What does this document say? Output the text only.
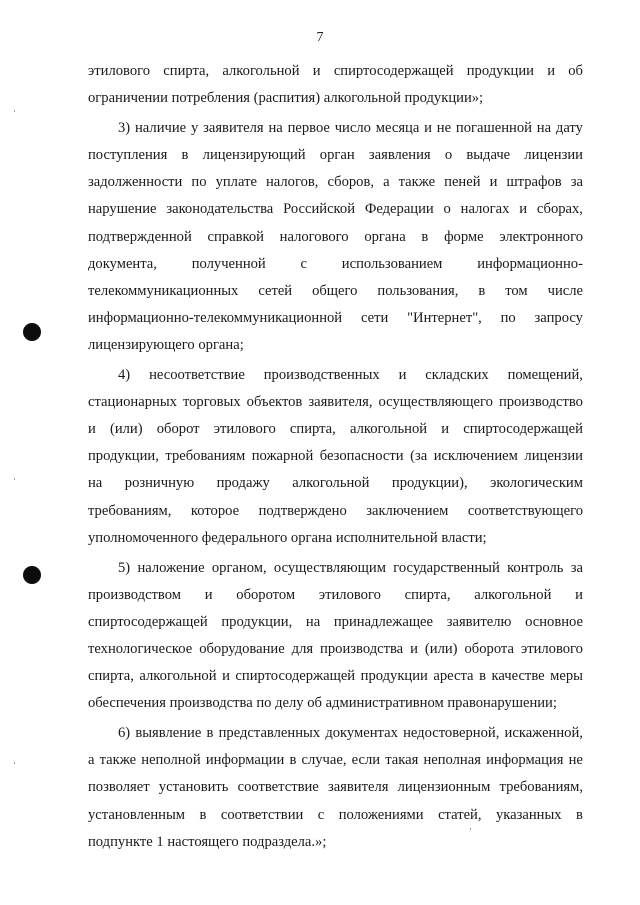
7
этилового спирта, алкогольной и спиртосодержащей продукции и об
ограничении потребления (распития) алкогольной продукции»;
3) наличие у заявителя на первое число месяца и не погашенной на дату
поступления в лицензирующий орган заявления о выдаче лицензии
задолженности по уплате налогов, сборов, а также пеней и штрафов за
нарушение законодательства Российской Федерации о налогах и сборах,
подтвержденной справкой налогового органа в форме электронного
документа, полученной с использованием информационно-
телекоммуникационных сетей общего пользования, в том числе
информационно-телекоммуникационной сети "Интернет", по запросу
лицензирующего органа;
4) несоответствие производственных и складских помещений,
стационарных торговых объектов заявителя, осуществляющего производство
и (или) оборот этилового спирта, алкогольной и спиртосодержащей
продукции, требованиям пожарной безопасности (за исключением лицензии
на розничную продажу алкогольной продукции), экологическим
требованиям, которое подтверждено заключением соответствующего
уполномоченного федерального органа исполнительной власти;
5) наложение органом, осуществляющим государственный контроль за
производством и оборотом этилового спирта, алкогольной и
спиртосодержащей продукции, на принадлежащее заявителю основное
технологическое оборудование для производства и (или) оборота этилового
спирта, алкогольной и спиртосодержащей продукции ареста в качестве меры
обеспечения производства по делу об административном правонарушении;
6) выявление в представленных документах недостоверной, искаженной,
а также неполной информации в случае, если такая неполная информация не
позволяет установить соответствие заявителя лицензионным требованиям,
установленным в соответствии с положениями статей, указанных в
подпункте 1 настоящего подраздела.»;
